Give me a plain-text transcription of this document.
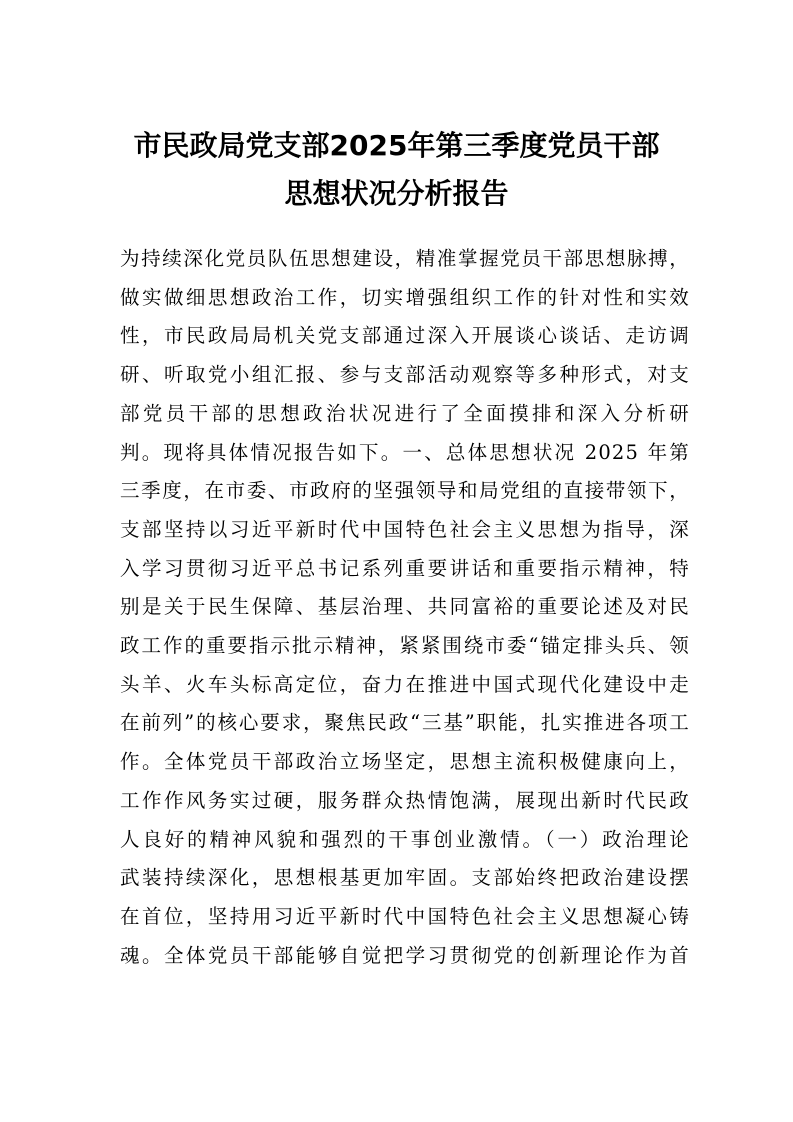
市民政局党支部2025年第三季度党员干部
思想状况分析报告
为持续深化党员队伍思想建设，精准掌握党员干部思想脉搏，
做实做细思想政治工作，切实增强组织工作的针对性和实效
性，市民政局局机关党支部通过深入开展谈心谈话、走访调
研、听取党小组汇报、参与支部活动观察等多种形式，对支
部党员干部的思想政治状况进行了全面摸排和深入分析研
判。现将具体情况报告如下。一、总体思想状况 2025 年第
三季度，在市委、市政府的坚强领导和局党组的直接带领下，
支部坚持以习近平新时代中国特色社会主义思想为指导，深
入学习贯彻习近平总书记系列重要讲话和重要指示精神，特
别是关于民生保障、基层治理、共同富裕的重要论述及对民
政工作的重要指示批示精神，紧紧围绕市委“锚定排头兵、领
头羊、火车头标高定位，奋力在推进中国式现代化建设中走
在前列”的核心要求，聚焦民政“三基”职能，扎实推进各项工
作。全体党员干部政治立场坚定，思想主流积极健康向上，
工作作风务实过硬，服务群众热情饱满，展现出新时代民政
人良好的精神风貌和强烈的干事创业激情。（一）政治理论
武装持续深化，思想根基更加牢固。支部始终把政治建设摆
在首位，坚持用习近平新时代中国特色社会主义思想凝心铸
魂。全体党员干部能够自觉把学习贯彻党的创新理论作为首
